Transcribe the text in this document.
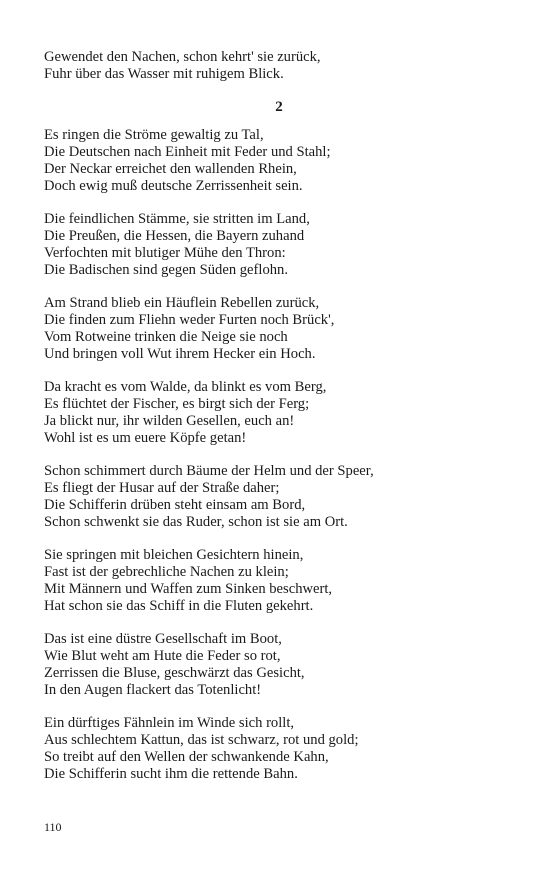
Gewendet den Nachen, schon kehrt' sie zurück,
Fuhr über das Wasser mit ruhigem Blick.
2
Es ringen die Ströme gewaltig zu Tal,
Die Deutschen nach Einheit mit Feder und Stahl;
Der Neckar erreichet den wallenden Rhein,
Doch ewig muß deutsche Zerrissenheit sein.
Die feindlichen Stämme, sie stritten im Land,
Die Preußen, die Hessen, die Bayern zuhand
Verfochten mit blutiger Mühe den Thron:
Die Badischen sind gegen Süden geflohn.
Am Strand blieb ein Häuflein Rebellen zurück,
Die finden zum Fliehn weder Furten noch Brück',
Vom Rotweine trinken die Neige sie noch
Und bringen voll Wut ihrem Hecker ein Hoch.
Da kracht es vom Walde, da blinkt es vom Berg,
Es flüchtet der Fischer, es birgt sich der Ferg;
Ja blickt nur, ihr wilden Gesellen, euch an!
Wohl ist es um euere Köpfe getan!
Schon schimmert durch Bäume der Helm und der Speer,
Es fliegt der Husar auf der Straße daher;
Die Schifferin drüben steht einsam am Bord,
Schon schwenkt sie das Ruder, schon ist sie am Ort.
Sie springen mit bleichen Gesichtern hinein,
Fast ist der gebrechliche Nachen zu klein;
Mit Männern und Waffen zum Sinken beschwert,
Hat schon sie das Schiff in die Fluten gekehrt.
Das ist eine düstre Gesellschaft im Boot,
Wie Blut weht am Hute die Feder so rot,
Zerrissen die Bluse, geschwärzt das Gesicht,
In den Augen flackert das Totenlicht!
Ein dürftiges Fähnlein im Winde sich rollt,
Aus schlechtem Kattun, das ist schwarz, rot und gold;
So treibt auf den Wellen der schwankende Kahn,
Die Schifferin sucht ihm die rettende Bahn.
110
